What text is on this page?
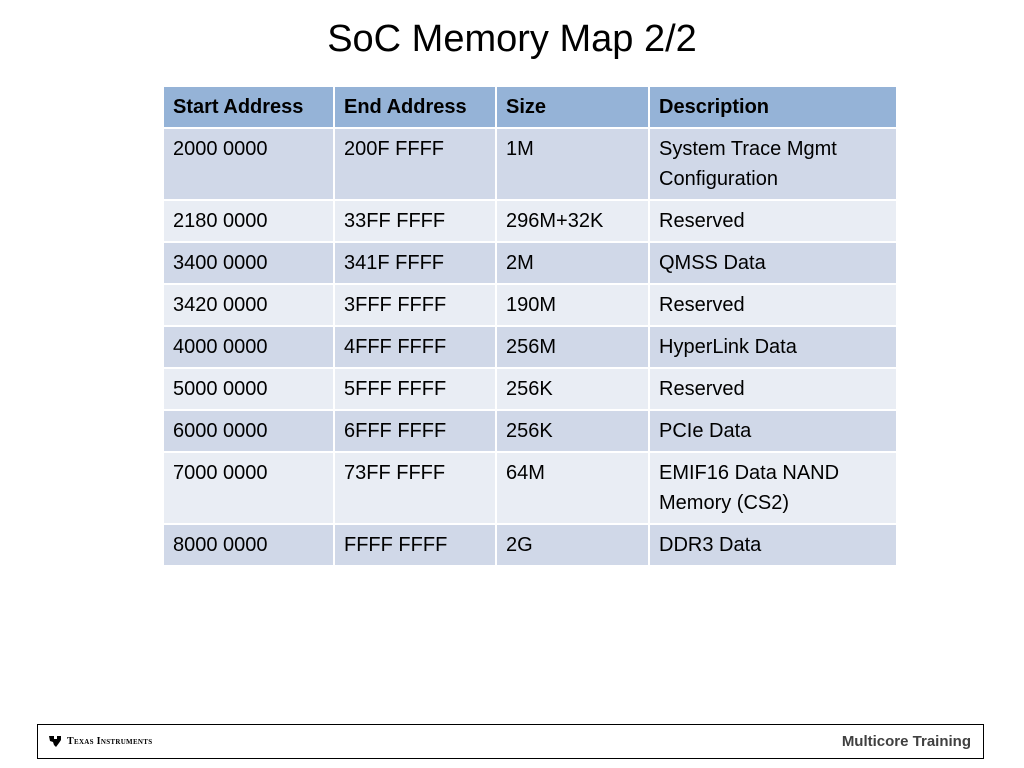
SoC Memory Map 2/2
Start Address	End Address	Size	Description
2000 0000	200F FFFF	1M	System Trace Mgmt Configuration
2180 0000	33FF FFFF	296M+32K	Reserved
3400 0000	341F FFFF	2M	QMSS Data
3420 0000	3FFF FFFF	190M	Reserved
4000 0000	4FFF FFFF	256M	HyperLink Data
5000 0000	5FFF FFFF	256K	Reserved
6000 0000	6FFF FFFF	256K	PCIe Data
7000 0000	73FF FFFF	64M	EMIF16 Data NAND Memory (CS2)
8000 0000	FFFF FFFF	2G	DDR3 Data
Texas Instruments	Multicore Training
